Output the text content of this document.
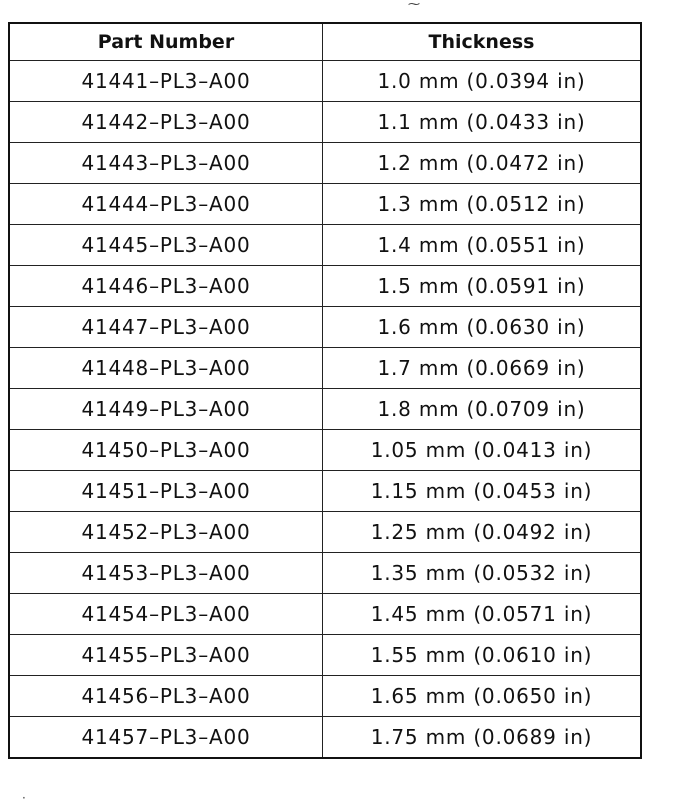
⁓
·
Part Number	Thickness
41441–PL3–A00	1.0 mm (0.0394 in)
41442–PL3–A00	1.1 mm (0.0433 in)
41443–PL3–A00	1.2 mm (0.0472 in)
41444–PL3–A00	1.3 mm (0.0512 in)
41445–PL3–A00	1.4 mm (0.0551 in)
41446–PL3–A00	1.5 mm (0.0591 in)
41447–PL3–A00	1.6 mm (0.0630 in)
41448–PL3–A00	1.7 mm (0.0669 in)
41449–PL3–A00	1.8 mm (0.0709 in)
41450–PL3–A00	1.05 mm (0.0413 in)
41451–PL3–A00	1.15 mm (0.0453 in)
41452–PL3–A00	1.25 mm (0.0492 in)
41453–PL3–A00	1.35 mm (0.0532 in)
41454–PL3–A00	1.45 mm (0.0571 in)
41455–PL3–A00	1.55 mm (0.0610 in)
41456–PL3–A00	1.65 mm (0.0650 in)
41457–PL3–A00	1.75 mm (0.0689 in)
